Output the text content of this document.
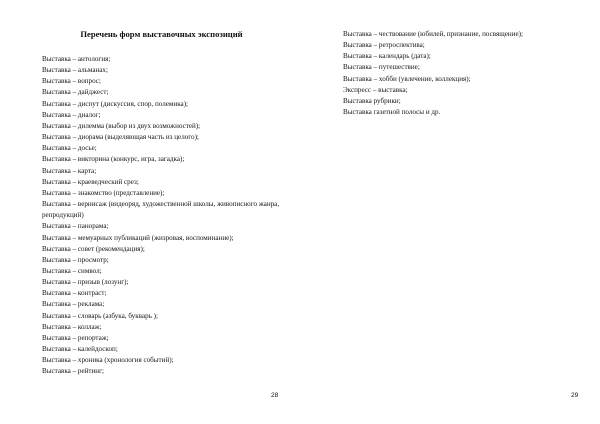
Перечень форм выставочных экспозиций
Выставка – антология;
Выставка – альманах;
Выставка – вопрос;
Выставка – дайджест;
Выставка – диспут (дискуссия, спор, полемика);
Выставка – диалог;
Выставка – дилемма (выбор из двух возможностей);
Выставка – диорама (выделяющая часть из целого);
Выставка – досье;
Выставка – викторина (конкурс, игра, загадка);
Выставка – карта;
Выставка – краеведческий срез;
Выставка – знакомство (представление);
Выставка – вернисаж (видеоряд, художественной школы, живописного жанра, репродукций)
Выставка – панорама;
Выставка – мемуарных публикаций (жизровая, воспоминание);
Выставка – совет (рекомендация);
Выставка – просмотр;
Выставка – символ;
Выставка – призыв (лозунг);
Выставка – контраст;
Выставка – реклама;
Выставка – словарь (азбука, букварь );
Выставка – коллаж;
Выставка – репортаж;
Выставка – калейдоскоп;
Выставка – хроника (хронология событий);
Выставка – рейтинг;
28
Выставка – чествование (юбилей, признание, посвящение);
Выставка – ретроспектива;
Выставка – календарь (дата);
Выставка – путешествие;
Выставка – хобби (увлечение, коллекция);
Экспресс – выставка;
Выставка рубрики;
Выставка газетной полосы и др.
29
